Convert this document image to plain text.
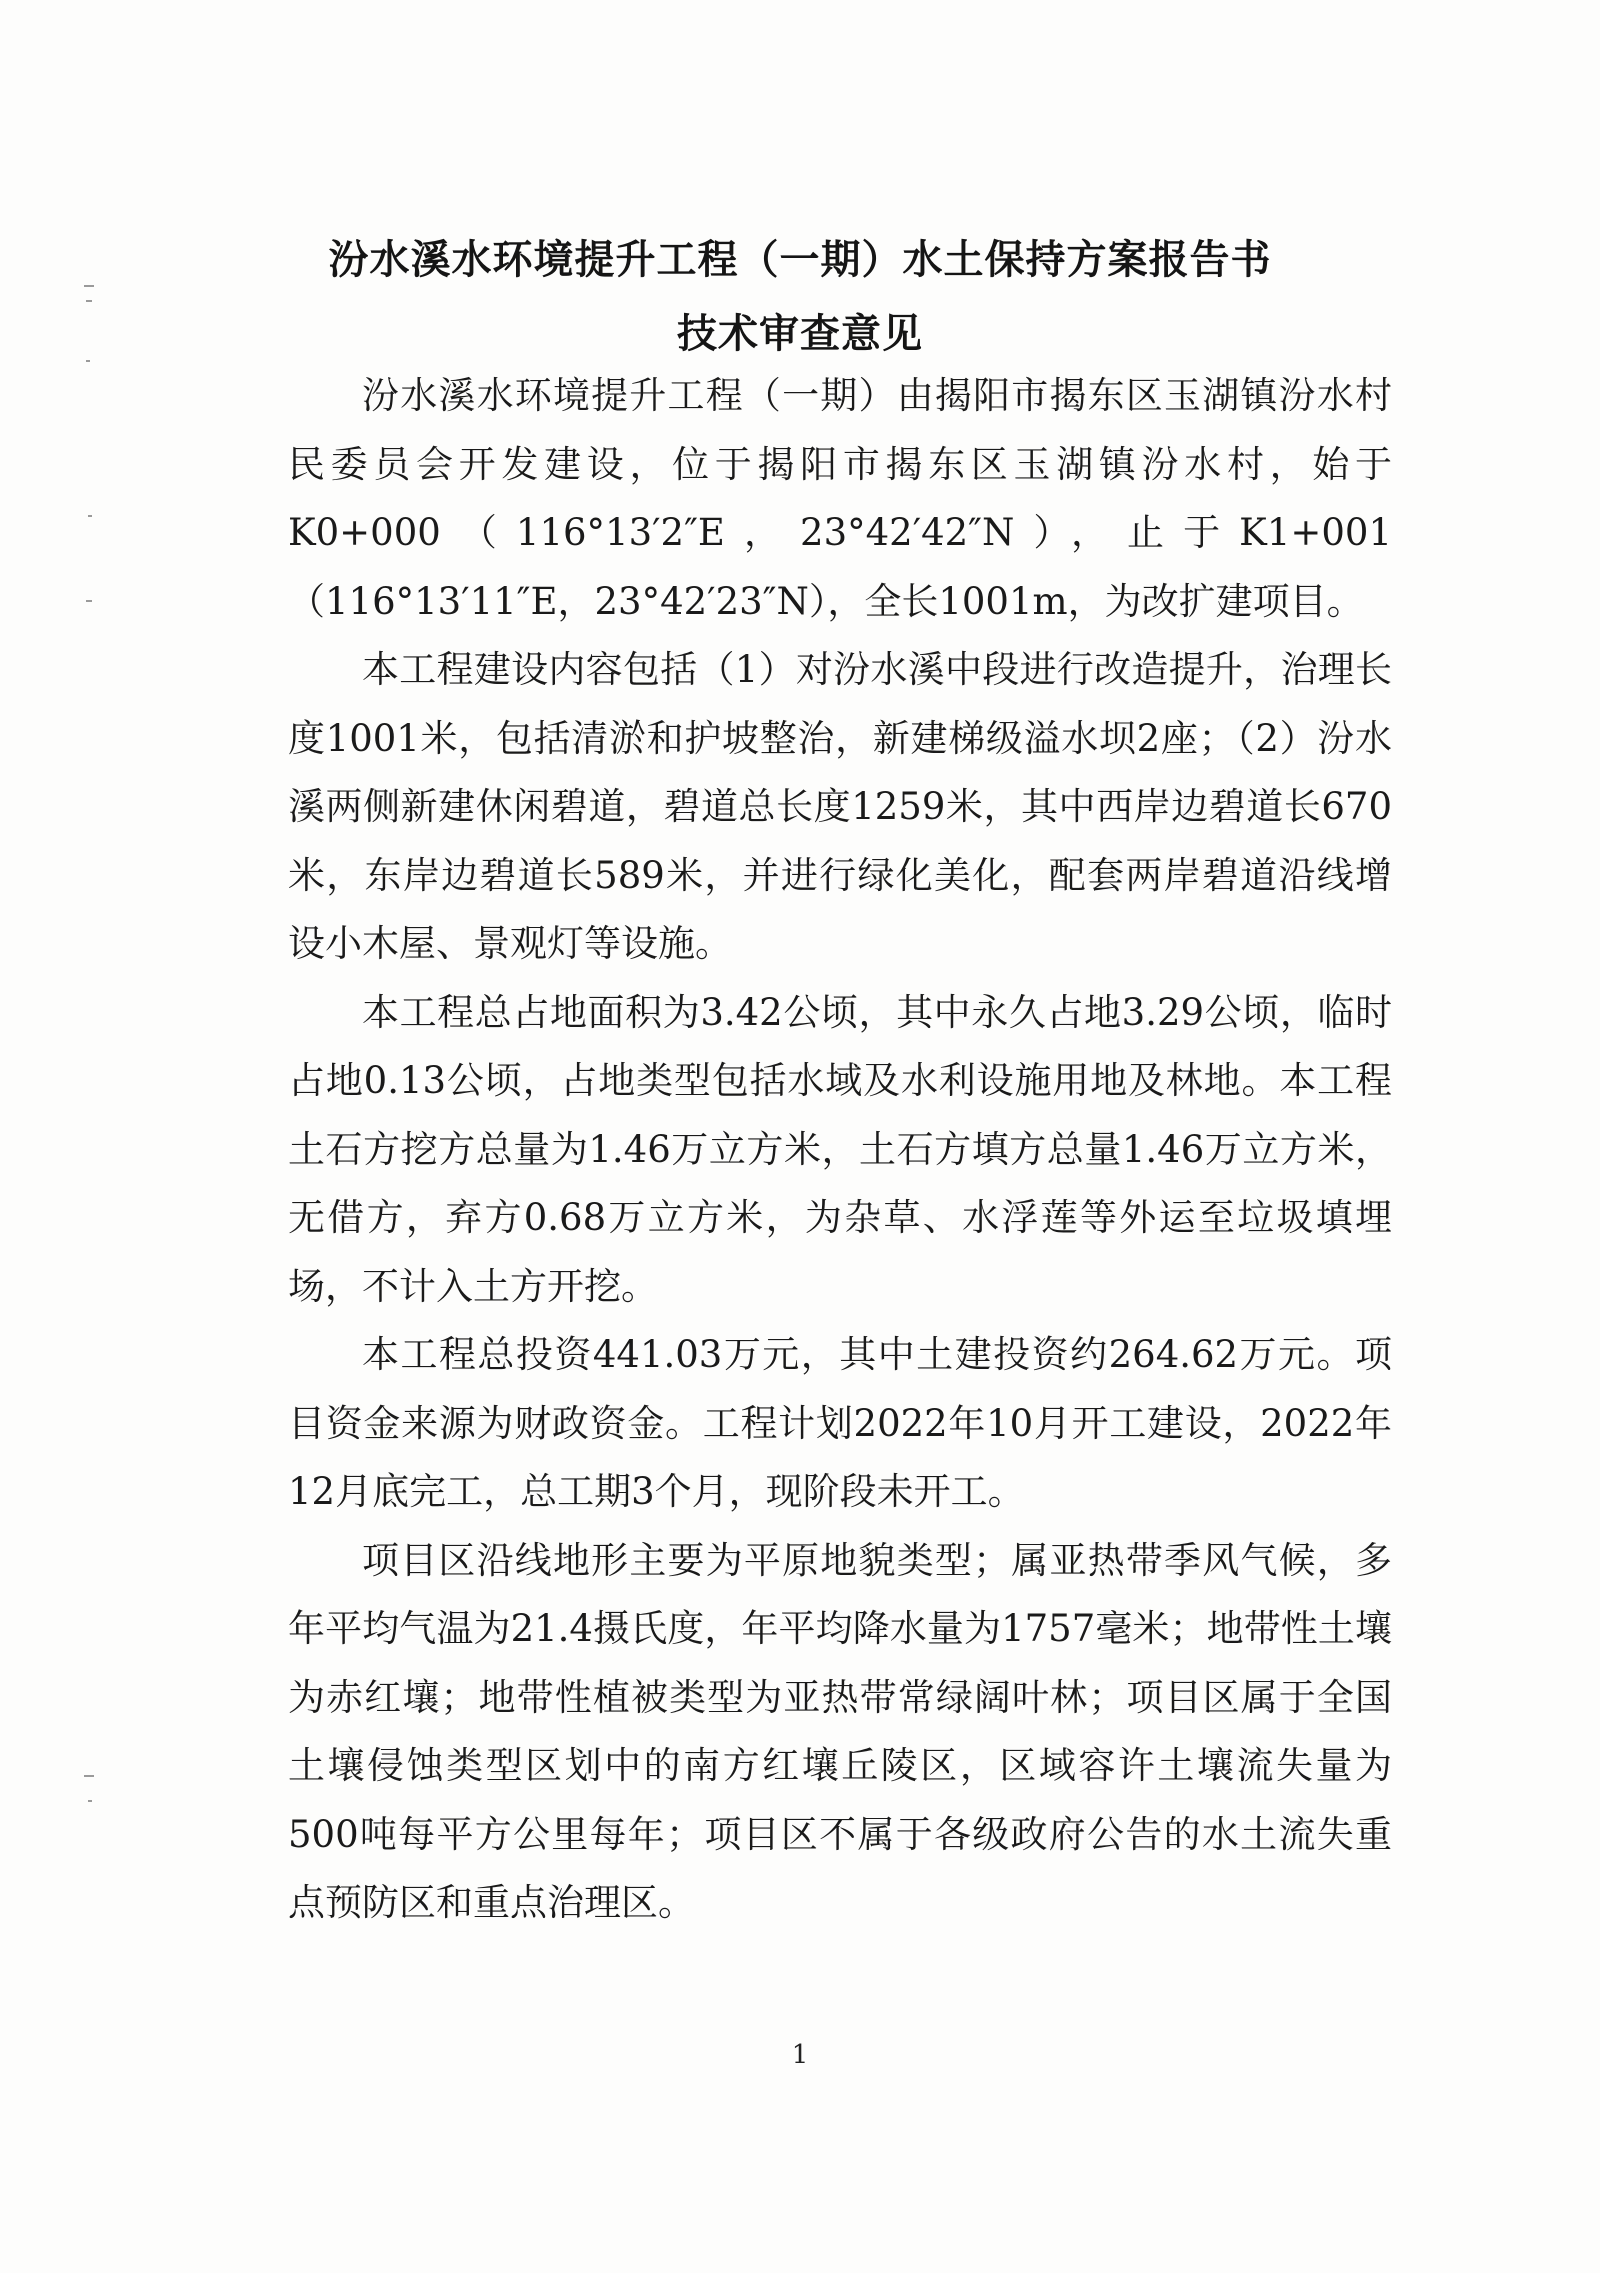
汾水溪水环境提升工程（一期）水土保持方案报告书
技术审查意见

汾水溪水环境提升工程（一期）由揭阳市揭东区玉湖镇汾水村民委员会开发建设，位于揭阳市揭东区玉湖镇汾水村，始于K0+000（116°13′2″E，23°42′42″N），止于K1+001（116°13′11″E，23°42′23″N），全长1001m，为改扩建项目。

本工程建设内容包括（1）对汾水溪中段进行改造提升，治理长度1001米，包括清淤和护坡整治，新建梯级溢水坝2座；（2）汾水溪两侧新建休闲碧道，碧道总长度1259米，其中西岸边碧道长670米，东岸边碧道长589米，并进行绿化美化，配套两岸碧道沿线增设小木屋、景观灯等设施。

本工程总占地面积为3.42公顷，其中永久占地3.29公顷，临时占地0.13公顷，占地类型包括水域及水利设施用地及林地。本工程土石方挖方总量为1.46万立方米，土石方填方总量1.46万立方米，无借方，弃方0.68万立方米，为杂草、水浮莲等外运至垃圾填埋场，不计入土方开挖。

本工程总投资441.03万元，其中土建投资约264.62万元。项目资金来源为财政资金。工程计划2022年10月开工建设，2022年12月底完工，总工期3个月，现阶段未开工。

项目区沿线地形主要为平原地貌类型；属亚热带季风气候，多年平均气温为21.4摄氏度，年平均降水量为1757毫米；地带性土壤为赤红壤；地带性植被类型为亚热带常绿阔叶林；项目区属于全国土壤侵蚀类型区划中的南方红壤丘陵区，区域容许土壤流失量为500吨每平方公里每年；项目区不属于各级政府公告的水土流失重点预防区和重点治理区。

1
